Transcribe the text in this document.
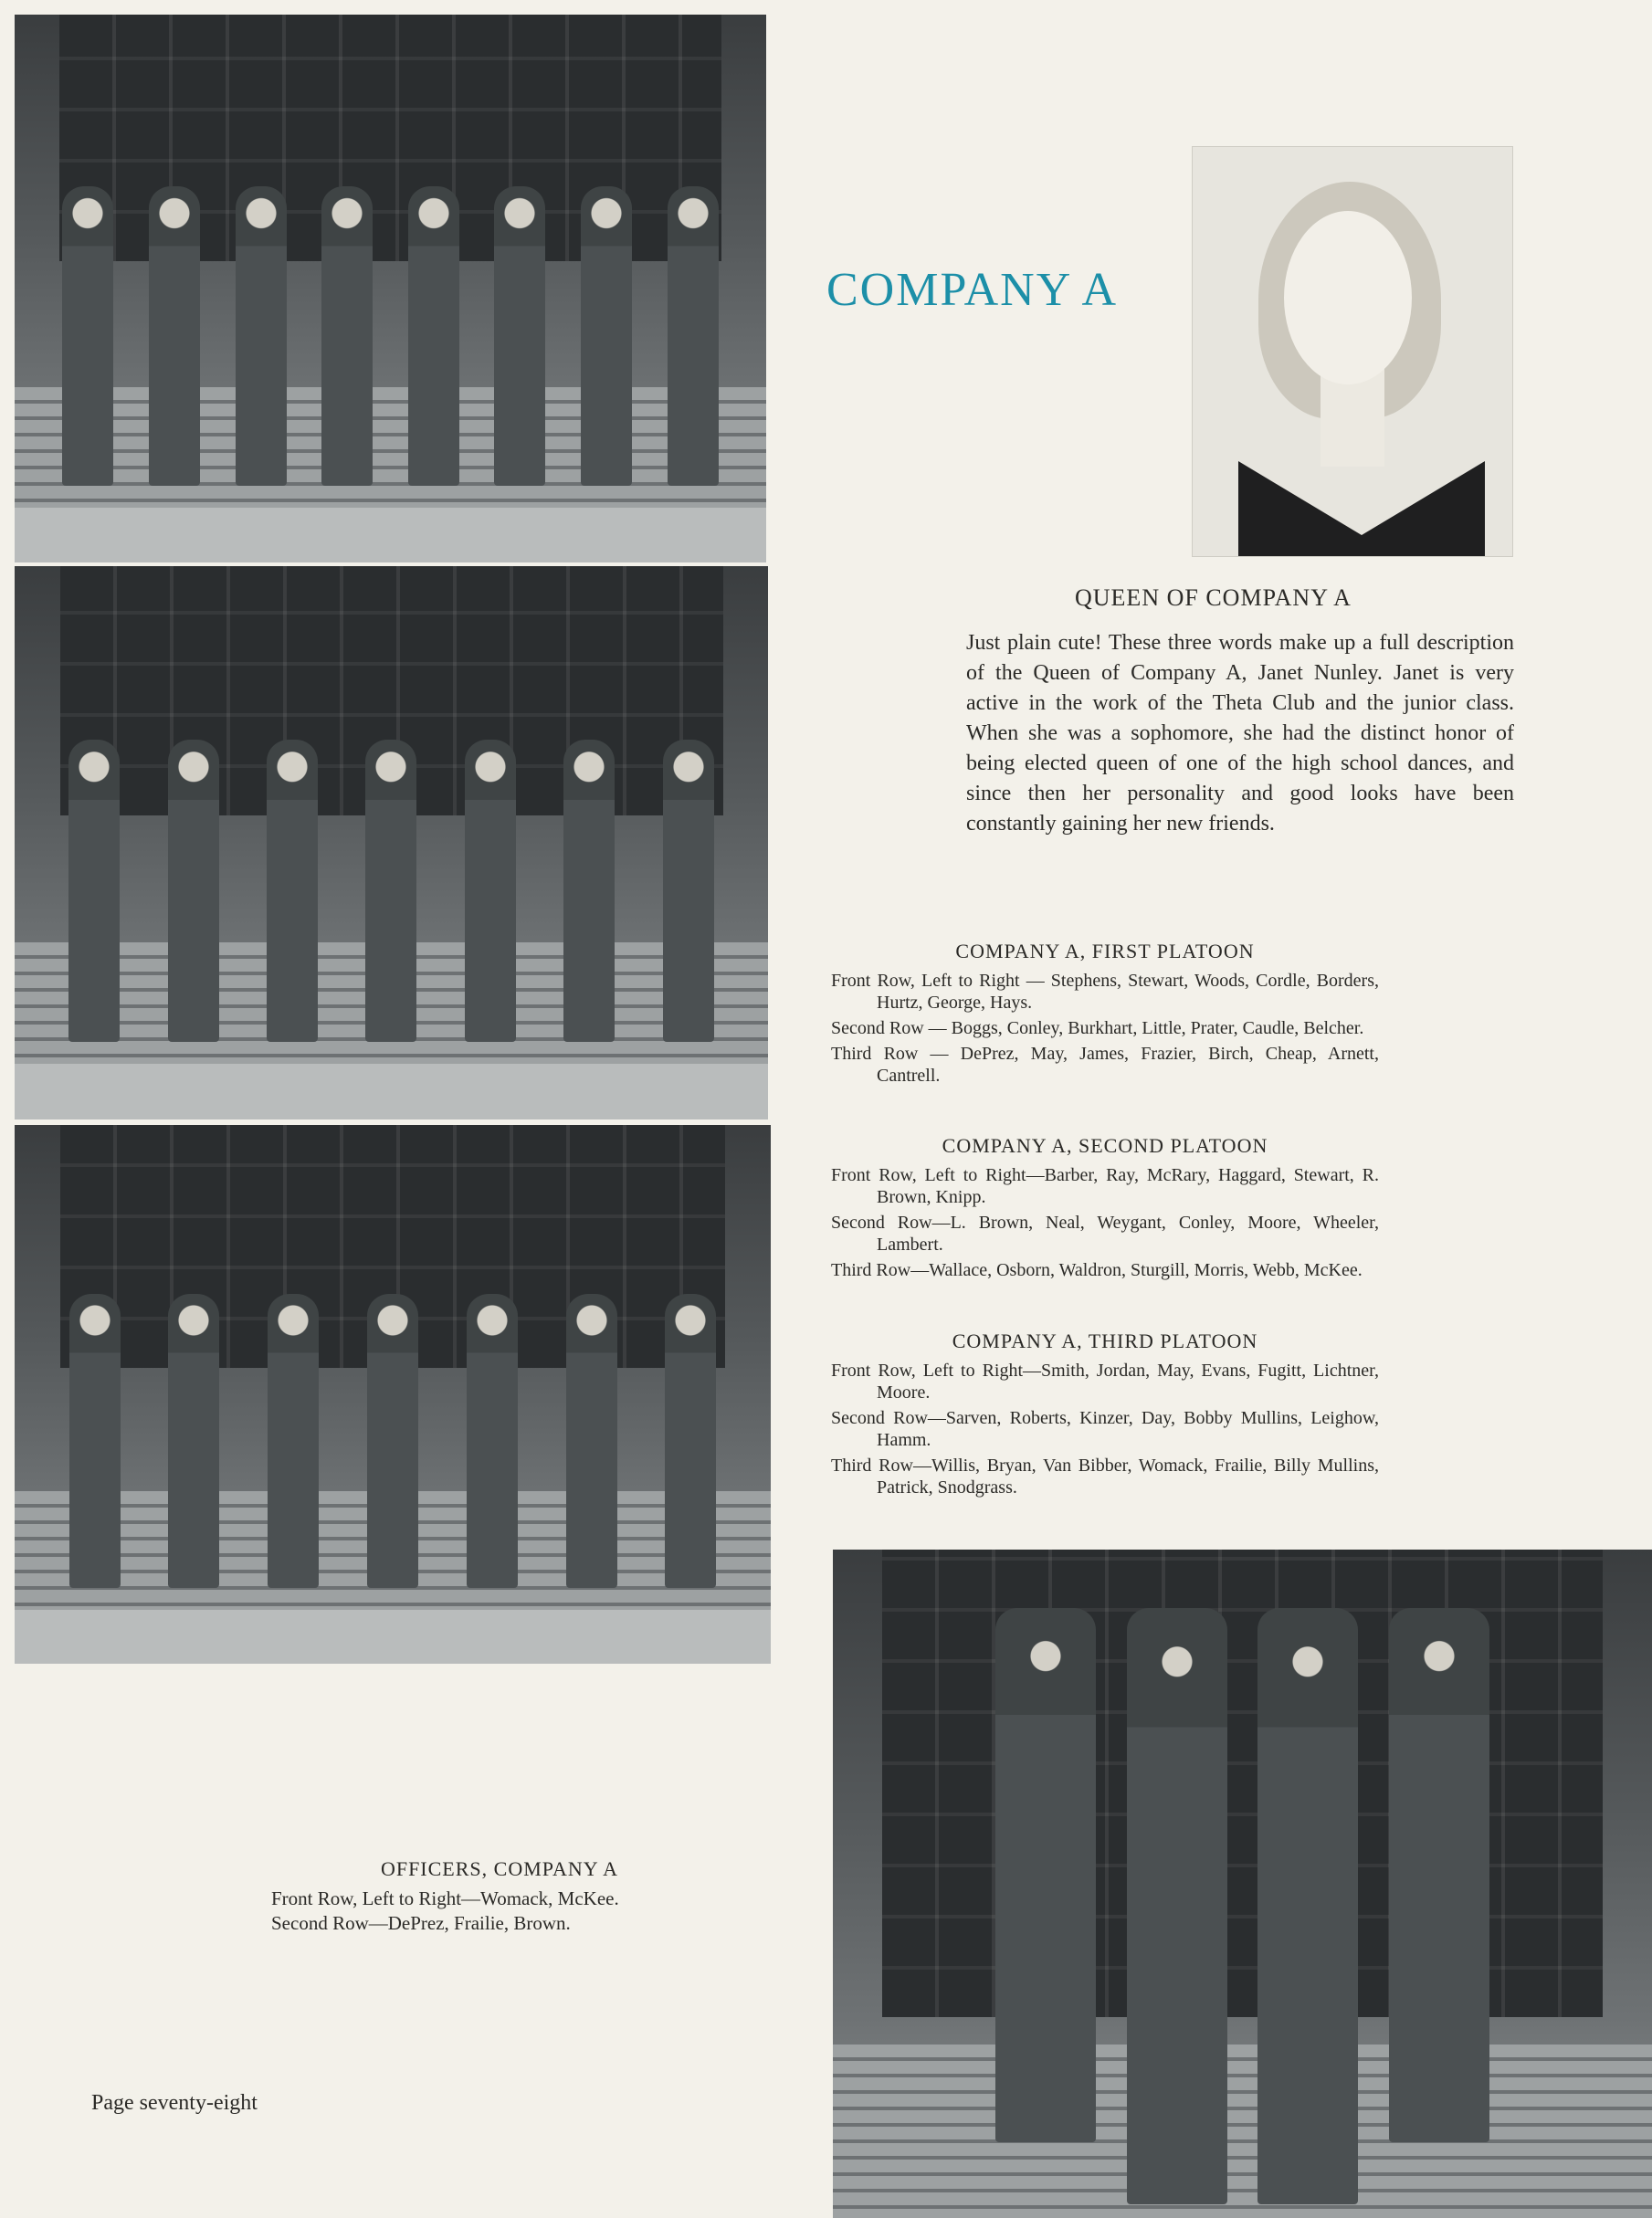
COMPANY A
QUEEN OF COMPANY A
Just plain cute! These three words make up a full description of the Queen of Company A, Janet Nunley. Janet is very active in the work of the Theta Club and the junior class. When she was a sophomore, she had the distinct honor of being elected queen of one of the high school dances, and since then her personality and good looks have been constantly gaining her new friends.
COMPANY A, FIRST PLATOON
Front Row, Left to Right — Stephens, Stewart, Woods, Cordle, Borders, Hurtz, George, Hays.
Second Row — Boggs, Conley, Burkhart, Little, Prater, Caudle, Belcher.
Third Row — DePrez, May, James, Frazier, Birch, Cheap, Arnett, Cantrell.
COMPANY A, SECOND PLATOON
Front Row, Left to Right—Barber, Ray, McRary, Haggard, Stewart, R. Brown, Knipp.
Second Row—L. Brown, Neal, Weygant, Conley, Moore, Wheeler, Lambert.
Third Row—Wallace, Osborn, Waldron, Sturgill, Morris, Webb, McKee.
COMPANY A, THIRD PLATOON
Front Row, Left to Right—Smith, Jordan, May, Evans, Fugitt, Lichtner, Moore.
Second Row—Sarven, Roberts, Kinzer, Day, Bobby Mullins, Leighow, Hamm.
Third Row—Willis, Bryan, Van Bibber, Womack, Frailie, Billy Mullins, Patrick, Snodgrass.
OFFICERS, COMPANY A
Front Row, Left to Right—Womack, McKee.
Second Row—DePrez, Frailie, Brown.
Page seventy-eight
